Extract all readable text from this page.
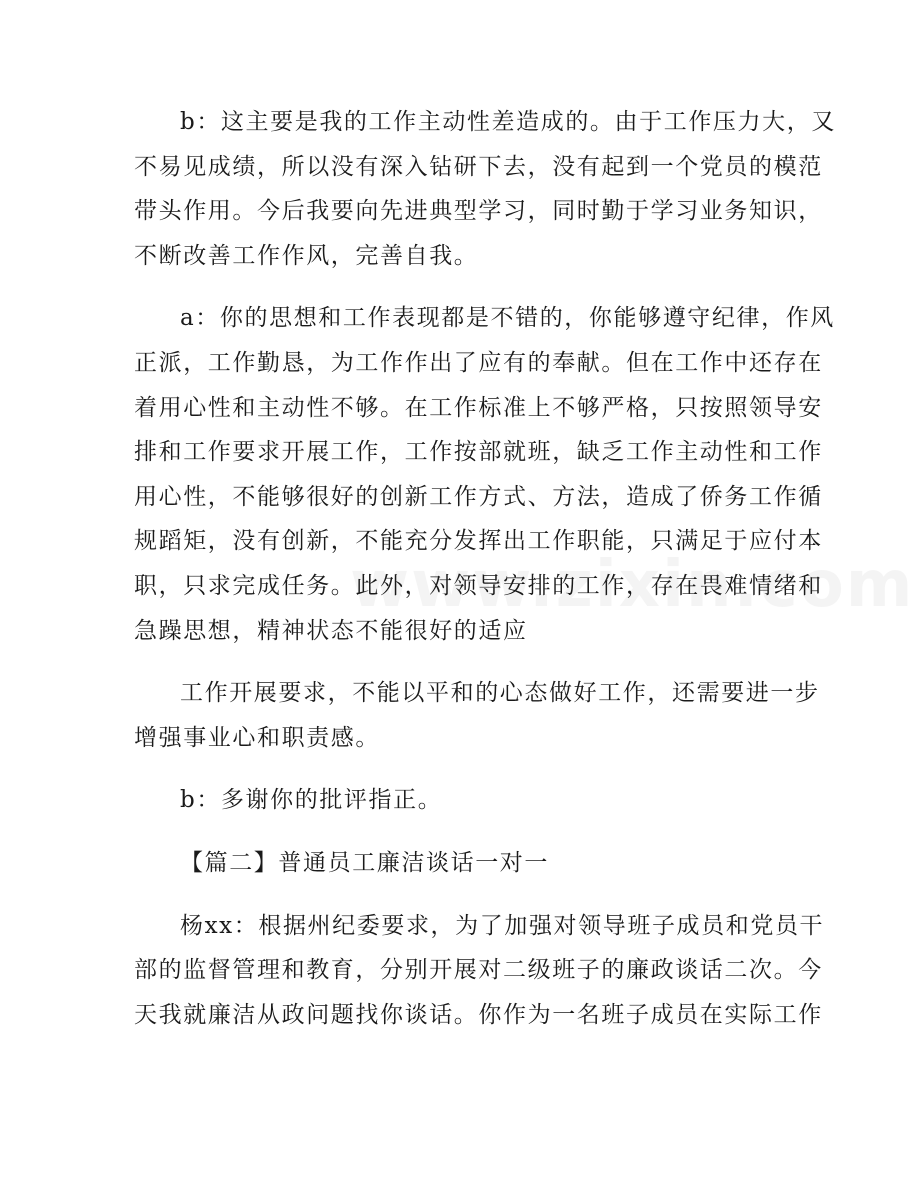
b：这主要是我的工作主动性差造成的。由于工作压力大，又
不易见成绩，所以没有深入钻研下去，没有起到一个党员的模范
带头作用。今后我要向先进典型学习，同时勤于学习业务知识，
不断改善工作作风，完善自我。

a：你的思想和工作表现都是不错的，你能够遵守纪律，作风
正派，工作勤恳，为工作作出了应有的奉献。但在工作中还存在
着用心性和主动性不够。在工作标准上不够严格，只按照领导安
排和工作要求开展工作，工作按部就班，缺乏工作主动性和工作
用心性，不能够很好的创新工作方式、方法，造成了侨务工作循
规蹈矩，没有创新，不能充分发挥出工作职能，只满足于应付本
职，只求完成任务。此外，对领导安排的工作，存在畏难情绪和
急躁思想，精神状态不能很好的适应

工作开展要求，不能以平和的心态做好工作，还需要进一步
增强事业心和职责感。

b：多谢你的批评指正。

【篇二】普通员工廉洁谈话一对一

杨xx：根据州纪委要求，为了加强对领导班子成员和党员干
部的监督管理和教育，分别开展对二级班子的廉政谈话二次。今
天我就廉洁从政问题找你谈话。你作为一名班子成员在实际工作
